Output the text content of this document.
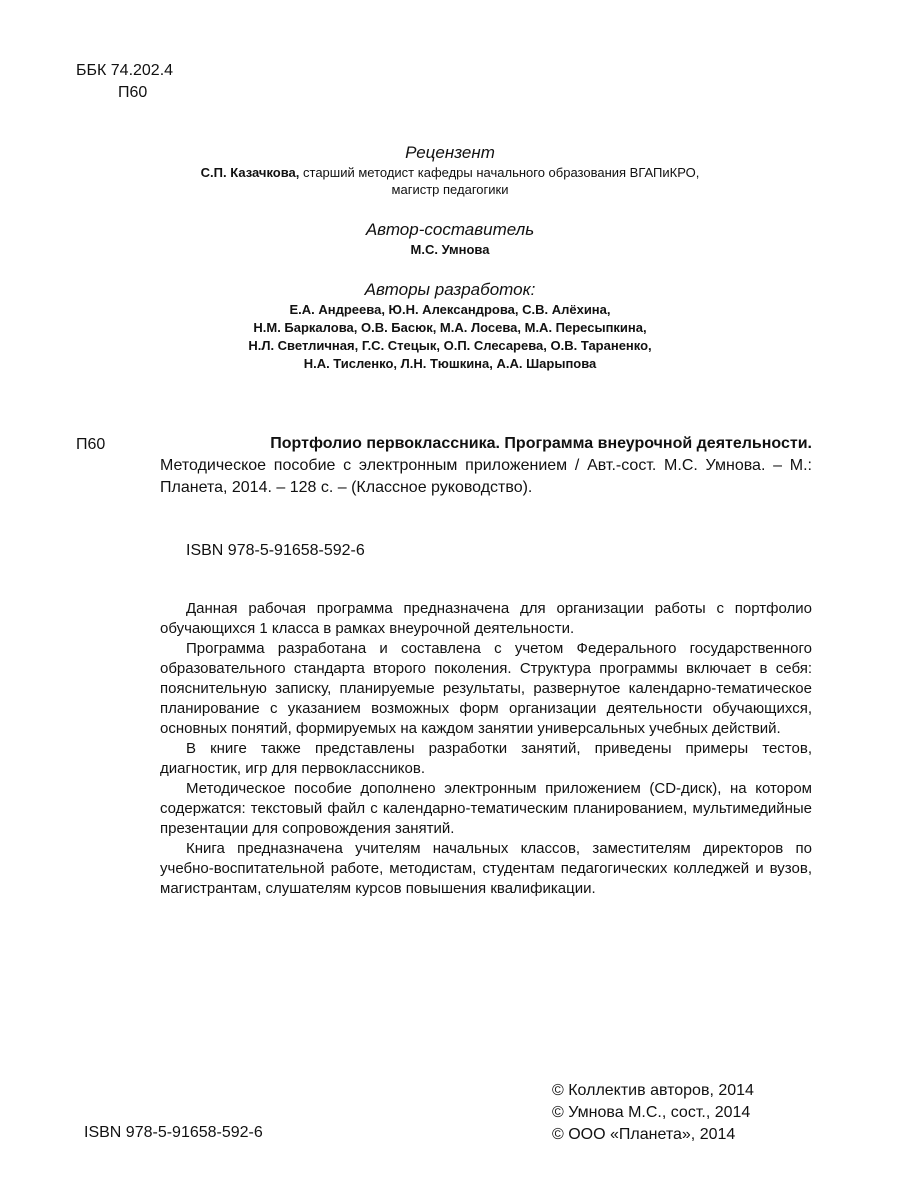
ББК 74.202.4
П60
Рецензент
С.П. Казачкова, старший методист кафедры начального образования ВГАПиКРО,
магистр педагогики
Автор-составитель
М.С. Умнова
Авторы разработок:
Е.А. Андреева, Ю.Н. Александрова, С.В. Алёхина,
Н.М. Баркалова, О.В. Басюк, М.А. Лосева, М.А. Пересыпкина,
Н.Л. Светличная, Г.С. Стецык, О.П. Слесарева, О.В. Тараненко,
Н.А. Тисленко, Л.Н. Тюшкина, А.А. Шарыпова
П60	Портфолио первоклассника. Программа внеурочной деятельности.
Методическое пособие с электронным приложением / Авт.-сост. М.С. Умнова. – М.: Планета, 2014. – 128 с. – (Классное руководство).
ISBN 978-5-91658-592-6

Данная рабочая программа предназначена для организации работы с портфолио обучающихся 1 класса в рамках внеурочной деятельности.

Программа разработана и составлена с учетом Федерального государственного образовательного стандарта второго поколения. Структура программы включает в себя: пояснительную записку, планируемые результаты, развернутое календарно-тематическое планирование с указанием возможных форм организации деятельности обучающихся, основных понятий, формируемых на каждом занятии универсальных учебных действий.

В книге также представлены разработки занятий, приведены примеры тестов, диагностик, игр для первоклассников.

Методическое пособие дополнено электронным приложением (CD-диск), на котором содержатся: текстовый файл с календарно-тематическим планированием, мультимедийные презентации для сопровождения занятий.

Книга предназначена учителям начальных классов, заместителям директоров по учебно-воспитательной работе, методистам, студентам педагогических колледжей и вузов, магистрантам, слушателям курсов повышения квалификации.

ISBN 978-5-91658-592-6
© Коллектив авторов, 2014
© Умнова М.С., сост., 2014
© ООО «Планета», 2014
